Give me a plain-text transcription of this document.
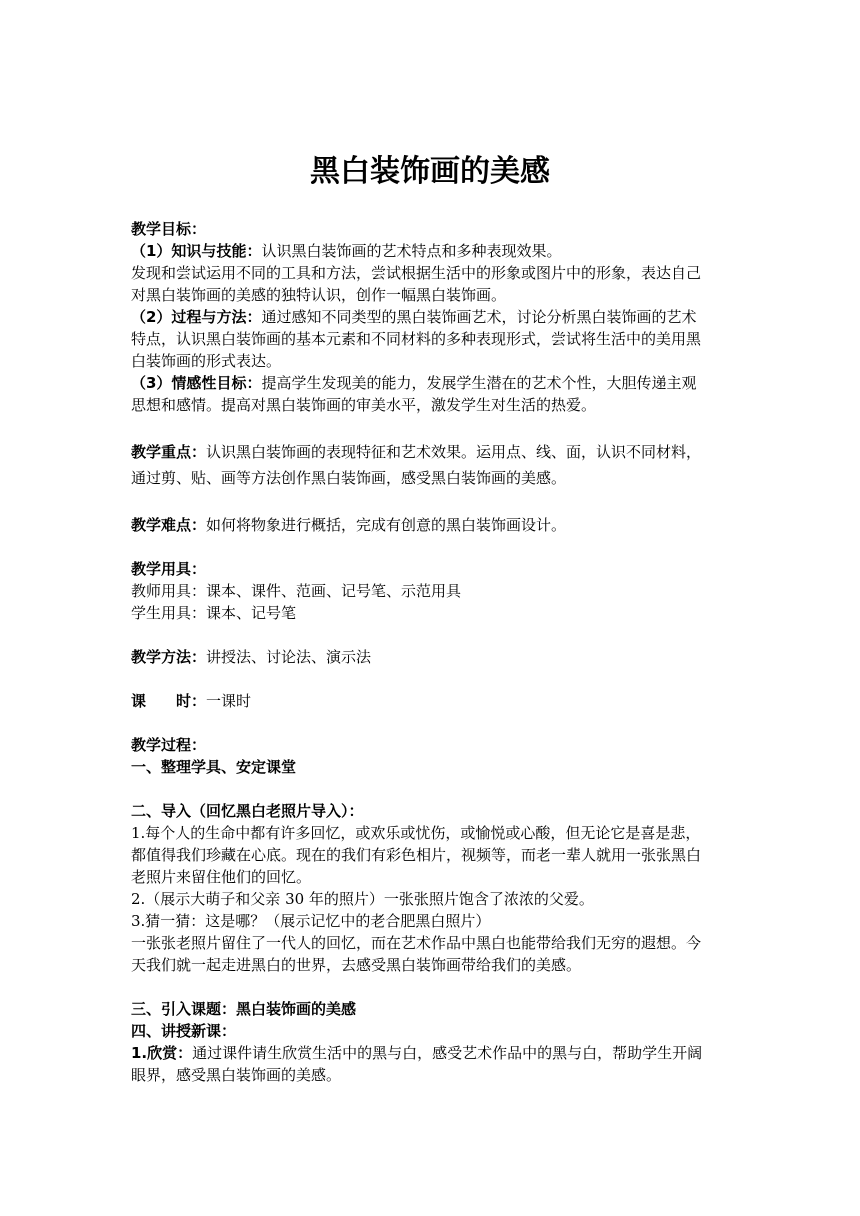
黑白装饰画的美感
教学目标：
（1）知识与技能：认识黑白装饰画的艺术特点和多种表现效果。
发现和尝试运用不同的工具和方法，尝试根据生活中的形象或图片中的形象，表达自己
对黑白装饰画的美感的独特认识，创作一幅黑白装饰画。
（2）过程与方法：通过感知不同类型的黑白装饰画艺术，讨论分析黑白装饰画的艺术
特点，认识黑白装饰画的基本元素和不同材料的多种表现形式，尝试将生活中的美用黑
白装饰画的形式表达。
（3）情感性目标：提高学生发现美的能力，发展学生潜在的艺术个性，大胆传递主观
思想和感情。提高对黑白装饰画的审美水平，激发学生对生活的热爱。
教学重点：认识黑白装饰画的表现特征和艺术效果。运用点、线、面，认识不同材料，
通过剪、贴、画等方法创作黑白装饰画，感受黑白装饰画的美感。
教学难点：如何将物象进行概括，完成有创意的黑白装饰画设计。
教学用具：
教师用具：课本、课件、范画、记号笔、示范用具
学生用具：课本、记号笔
教学方法：讲授法、讨论法、演示法
课 时：一课时
教学过程：
一、整理学具、安定课堂
二、导入（回忆黑白老照片导入）：
1.每个人的生命中都有许多回忆，或欢乐或忧伤，或愉悦或心酸，但无论它是喜是悲，
都值得我们珍藏在心底。现在的我们有彩色相片，视频等，而老一辈人就用一张张黑白
老照片来留住他们的回忆。
2.（展示大萌子和父亲 30 年的照片）一张张照片饱含了浓浓的父爱。
3.猜一猜：这是哪？（展示记忆中的老合肥黑白照片）
一张张老照片留住了一代人的回忆，而在艺术作品中黑白也能带给我们无穷的遐想。今
天我们就一起走进黑白的世界，去感受黑白装饰画带给我们的美感。
三、引入课题：黑白装饰画的美感
四、讲授新课：
1.欣赏：通过课件请生欣赏生活中的黑与白，感受艺术作品中的黑与白，帮助学生开阔
眼界，感受黑白装饰画的美感。
